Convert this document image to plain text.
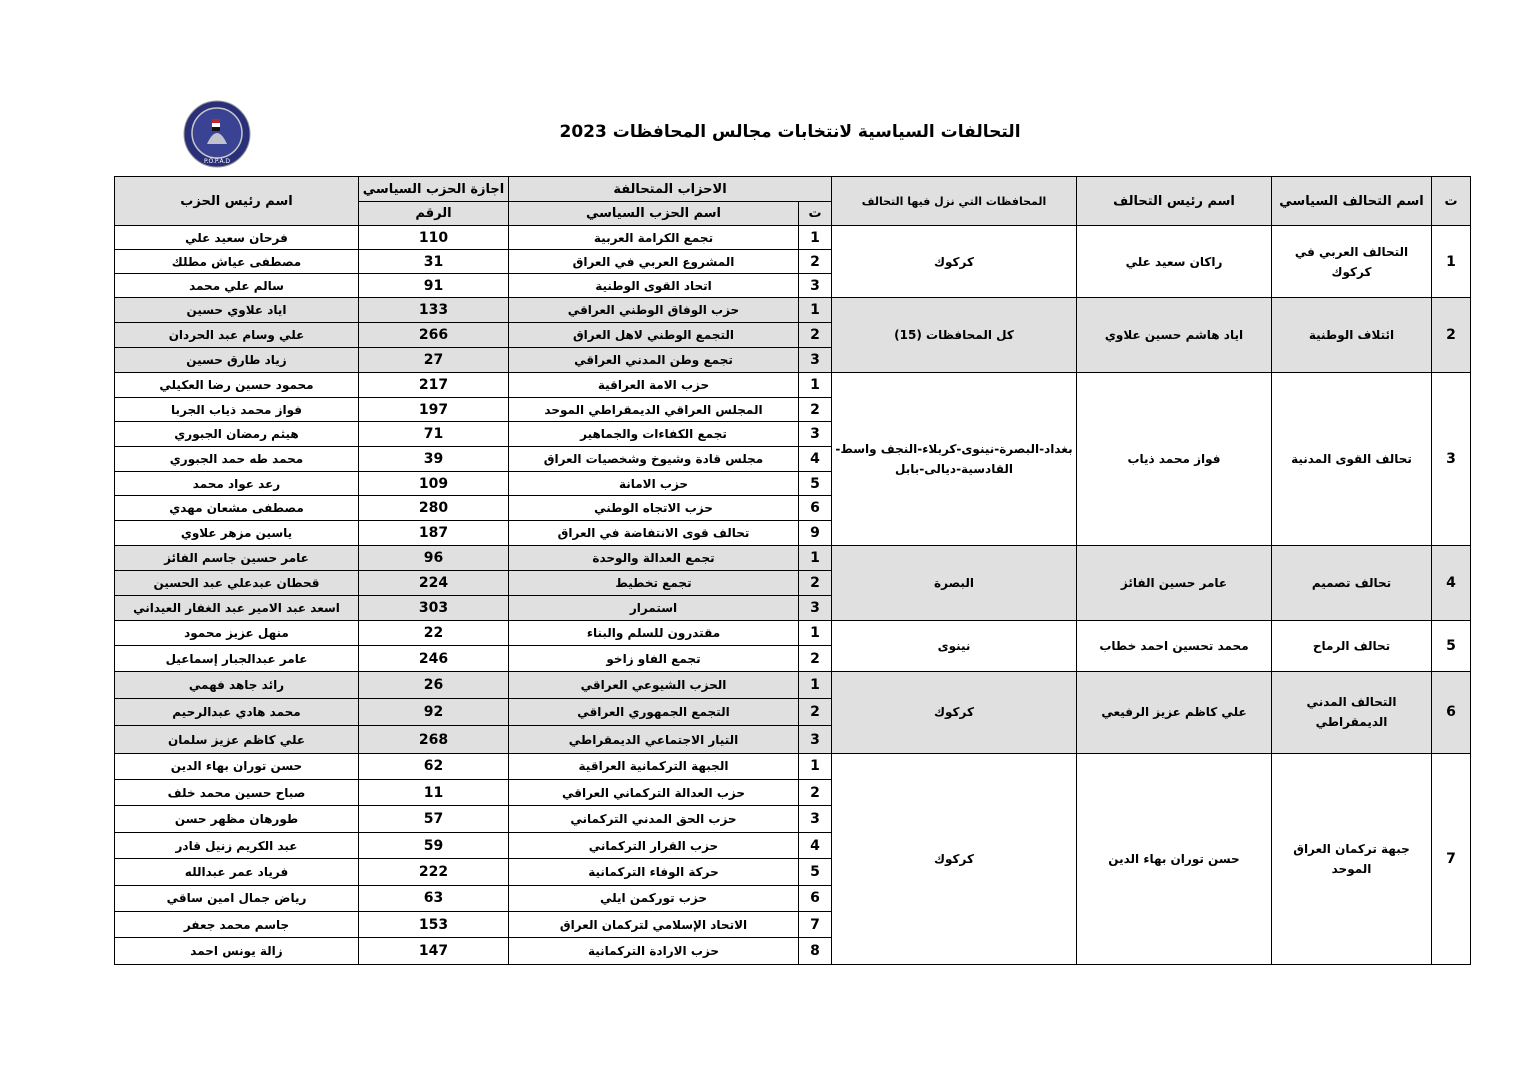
P.O.P.A.D
التحالفات السياسية لانتخابات مجالس المحافظات 2023
ت	اسم التحالف السياسي	اسم رئيس التحالف	المحافظات التي نزل فيها التحالف	الاحزاب المتحالفة		اجازة الحزب السياسي	اسم رئيس الحزب
				ت	اسم الحزب السياسي	الرقم	
1	التحالف العربي في كركوك	راكان سعيد علي	كركوك	1	تجمع الكرامة العربية	110	فرحان سعيد علي
				2	المشروع العربي في العراق	31	مصطفى عياش مطلك
				3	اتحاد القوى الوطنية	91	سالم علي محمد
2	ائتلاف الوطنية	اياد هاشم حسين علاوي	كل المحافظات (15)	1	حزب الوفاق الوطني العراقي	133	اياد علاوي حسين
				2	التجمع الوطني لاهل العراق	266	علي وسام عبد الحردان
				3	تجمع وطن المدني العراقي	27	زياد طارق حسين
3	تحالف القوى المدنية	فواز محمد ذياب	بغداد-البصرة-نينوى-كربلاء-النجف واسط-القادسية-ديالى-بابل	1	حزب الامة العراقية	217	محمود حسين رضا العكيلي
				2	المجلس العراقي الديمقراطي الموحد	197	فواز محمد ذياب الجربا
				3	تجمع الكفاءات والجماهير	71	هيثم رمضان الجبوري
				4	مجلس قادة وشيوخ وشخصيات العراق	39	محمد طه حمد الجبوري
				5	حزب الامانة	109	رعد عواد محمد
				6	حزب الاتجاه الوطني	280	مصطفى مشعان مهدي
				9	تحالف قوى الانتفاضة في العراق	187	ياسين مزهر علاوي
4	تحالف تصميم	عامر حسين الفائز	البصرة	1	تجمع العدالة والوحدة	96	عامر حسين جاسم الفائز
				2	تجمع تخطيط	224	قحطان عبدعلي عبد الحسين
				3	استمرار	303	اسعد عبد الامير عبد الغفار العيداني
5	تحالف الرماح	محمد تحسين احمد خطاب	نينوى	1	مقتدرون للسلم والبناء	22	منهل عزيز محمود
				2	تجمع الفاو زاخو	246	عامر عبدالجبار إسماعيل
6	التحالف المدني الديمقراطي	علي كاظم عزيز الرفيعي	كركوك	1	الحزب الشيوعي العراقي	26	رائد جاهد فهمي
				2	التجمع الجمهوري العراقي	92	محمد هادي عبدالرحيم
				3	التيار الاجتماعي الديمقراطي	268	علي كاظم عزيز سلمان
7	جبهة تركمان العراق الموحد	حسن توران بهاء الدين	كركوك	1	الجبهة التركمانية العراقية	62	حسن توران بهاء الدين
				2	حزب العدالة التركماني العراقي	11	صباح حسين محمد خلف
				3	حزب الحق المدني التركماني	57	طورهان مظهر حسن
				4	حزب القرار التركماني	59	عبد الكريم زنيل قادر
				5	حركة الوفاء التركمانية	222	فرياد عمر عبدالله
				6	حزب توركمن ايلي	63	رياض جمال امين ساقي
				7	الاتحاد الإسلامي لتركمان العراق	153	جاسم محمد جعفر
				8	حزب الارادة التركمانية	147	زالة يونس احمد
